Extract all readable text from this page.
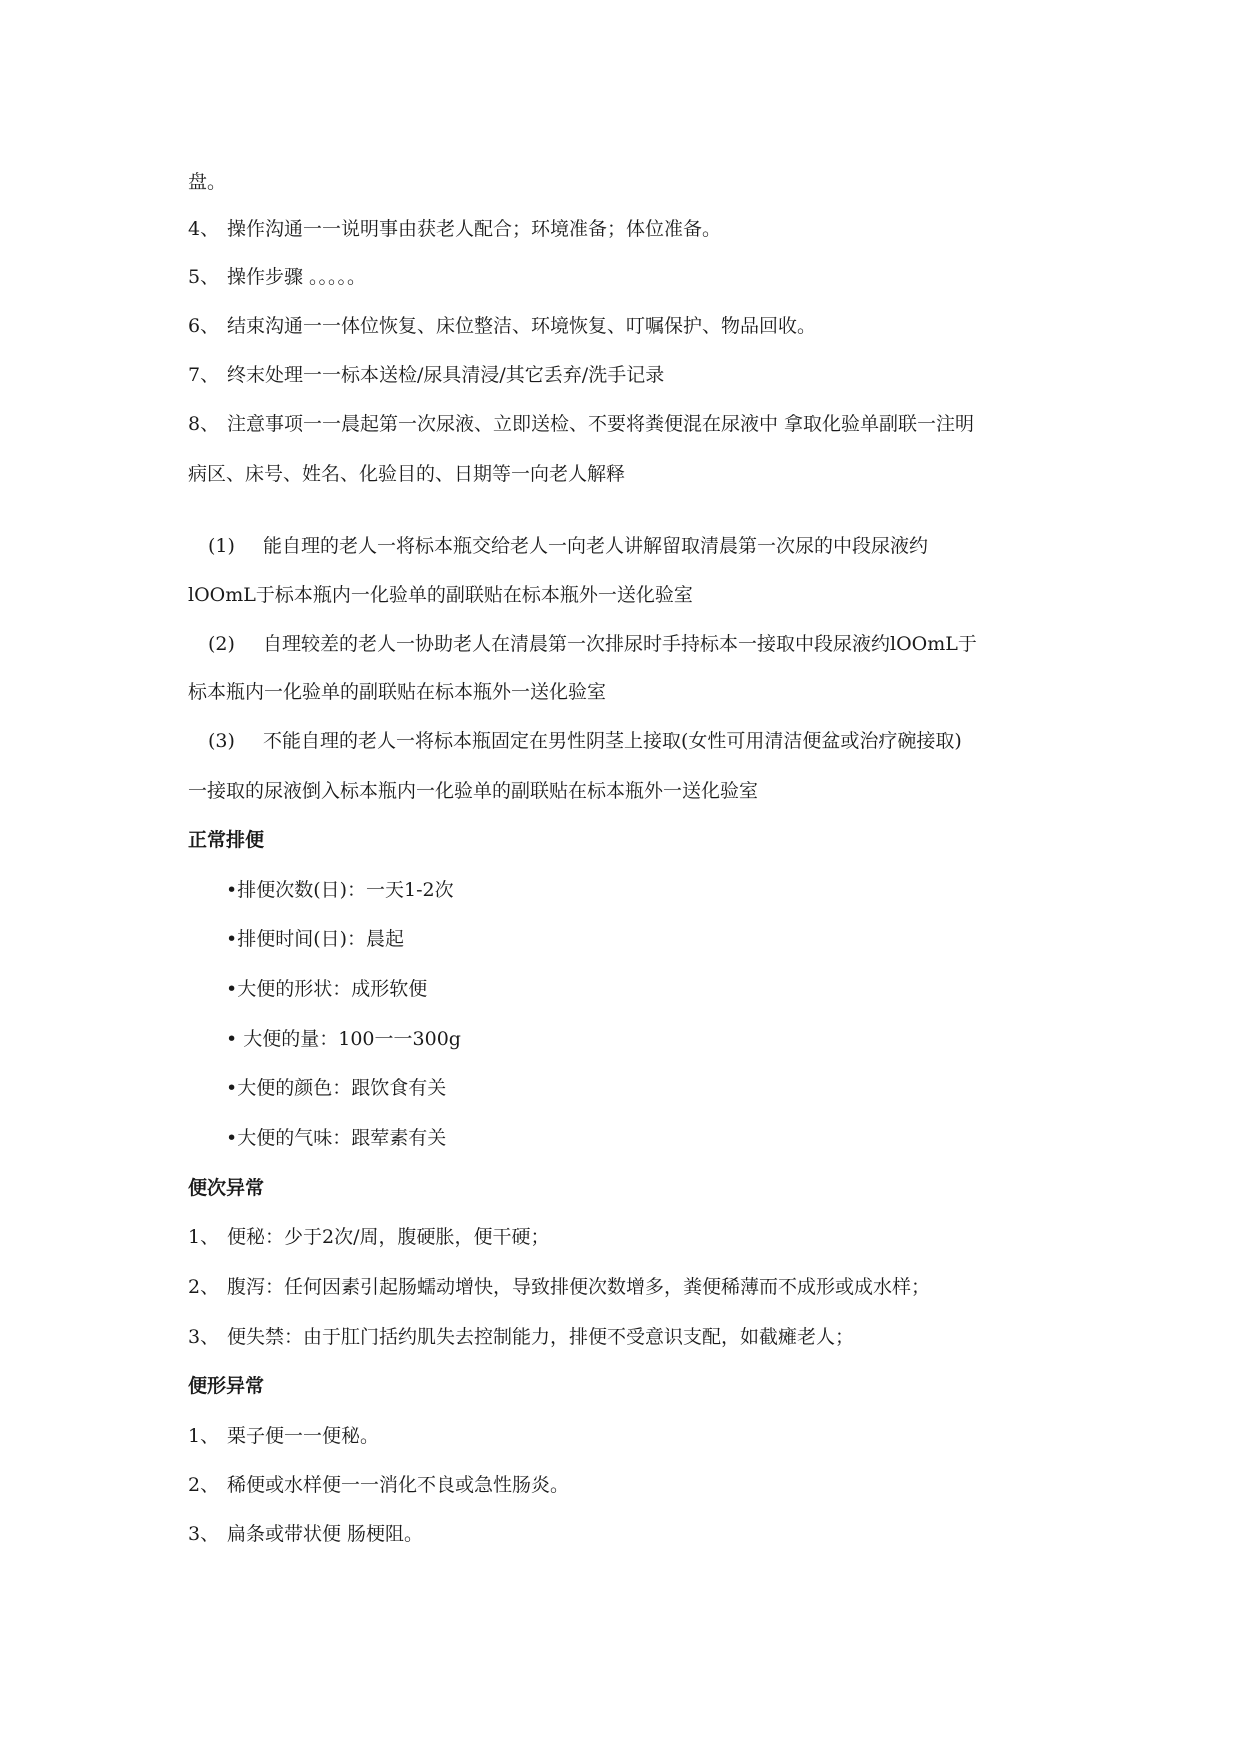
盘。
4、 操作沟通一一说明事由获老人配合；环境准备；体位准备。
5、 操作步骤 。。。。。
6、 结束沟通一一体位恢复、床位整洁、环境恢复、叮嘱保护、物品回收。
7、 终末处理一一标本送检/尿具清浸/其它丢弃/洗手记录
8、 注意事项一一晨起第一次尿液、立即送检、不要将粪便混在尿液中 拿取化验单副联一注明
病区、床号、姓名、化验目的、日期等一向老人解释
(1) 能自理的老人一将标本瓶交给老人一向老人讲解留取清晨第一次尿的中段尿液约
lOOmL于标本瓶内一化验单的副联贴在标本瓶外一送化验室
(2) 自理较差的老人一协助老人在清晨第一次排尿时手持标本一接取中段尿液约lOOmL于
标本瓶内一化验单的副联贴在标本瓶外一送化验室
(3) 不能自理的老人一将标本瓶固定在男性阴茎上接取(女性可用清洁便盆或治疗碗接取)
一接取的尿液倒入标本瓶内一化验单的副联贴在标本瓶外一送化验室
正常排便
•排便次数(日)：一天1-2次
•排便时间(日)：晨起
•大便的形状：成形软便
• 大便的量：100一一300g
•大便的颜色：跟饮食有关
•大便的气味：跟荤素有关
便次异常
1、 便秘：少于2次/周，腹硬胀，便干硬；
2、 腹泻：任何因素引起肠蠕动增快，导致排便次数增多，粪便稀薄而不成形或成水样；
3、 便失禁：由于肛门括约肌失去控制能力，排便不受意识支配，如截瘫老人；
便形异常
1、 栗子便一一便秘。
2、 稀便或水样便一一消化不良或急性肠炎。
3、 扁条或带状便 肠梗阻。
